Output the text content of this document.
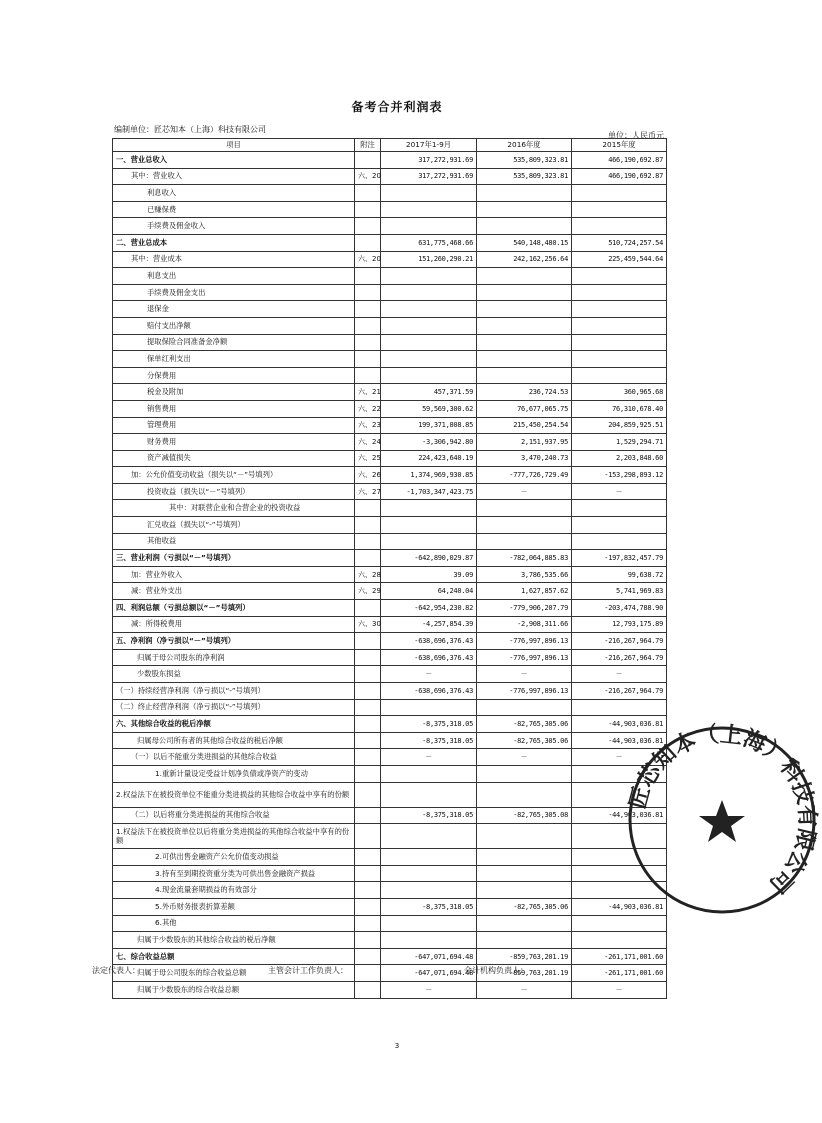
备考合并利润表
编制单位：匠芯知本（上海）科技有限公司
单位：人民币元
项目	附注	2017年1-9月	2016年度	2015年度
一、营业总收入		317,272,931.69	535,809,323.81	466,190,692.87
其中：营业收入	六、20	317,272,931.69	535,809,323.81	466,190,692.87
利息收入				
已赚保费				
手续费及佣金收入				
二、营业总成本		631,775,468.66	540,148,480.15	510,724,257.54
其中：营业成本	六、20	151,260,290.21	242,162,256.64	225,459,544.64
利息支出				
手续费及佣金支出				
退保金				
赔付支出净额				
提取保险合同准备金净额				
保单红利支出				
分保费用				
税金及附加	六、21	457,371.59	236,724.53	360,965.68
销售费用	六、22	59,569,300.62	76,677,065.75	76,310,678.40
管理费用	六、23	199,371,808.85	215,450,254.54	204,859,925.51
财务费用	六、24	-3,306,942.80	2,151,937.95	1,529,294.71
资产减值损失	六、25	224,423,640.19	3,470,240.73	2,203,848.60
加：公允价值变动收益（损失以“－”号填列）	六、26	1,374,969,930.85	-777,726,729.49	-153,298,893.12
投资收益（损失以“－”号填列）	六、27	-1,703,347,423.75	－	－
其中：对联营企业和合营企业的投资收益				
汇兑收益（损失以“-”号填列）				
其他收益				
三、营业利润（亏损以“－”号填列）		-642,890,029.87	-782,064,885.83	-197,832,457.79
加：营业外收入	六、28	39.09	3,786,535.66	99,638.72
减：营业外支出	六、29	64,240.04	1,627,857.62	5,741,969.83
四、利润总额（亏损总额以“－”号填列）		-642,954,230.82	-779,906,207.79	-203,474,788.90
减：所得税费用	六、30	-4,257,854.39	-2,908,311.66	12,793,175.89
五、净利润（净亏损以“－”号填列）		-638,696,376.43	-776,997,896.13	-216,267,964.79
归属于母公司股东的净利润		-638,696,376.43	-776,997,896.13	-216,267,964.79
少数股东损益		－	－	－
（一）持续经营净利润（净亏损以“-”号填列）		-638,696,376.43	-776,997,896.13	-216,267,964.79
（二）终止经营净利润（净亏损以“-”号填列）				
六、其他综合收益的税后净额		-8,375,318.05	-82,765,305.06	-44,903,036.81
归属母公司所有者的其他综合收益的税后净额		-8,375,318.05	-82,765,305.06	-44,903,036.81
（一）以后不能重分类进损益的其他综合收益		－	－	－
1.重新计量设定受益计划净负债或净资产的变动				
2.权益法下在被投资单位不能重分类进损益的其他综合收益中享有的份额				
（二）以后将重分类进损益的其他综合收益		-8,375,318.05	-82,765,305.08	-44,903,036.81
1.权益法下在被投资单位以后将重分类进损益的其他综合收益中享有的份额				
2.可供出售金融资产公允价值变动损益				
3.持有至到期投资重分类为可供出售金融资产损益				
4.现金流量套期损益的有效部分				
5.外币财务报表折算差额		-8,375,318.05	-82,765,305.06	-44,903,036.81
6.其他				
归属于少数股东的其他综合收益的税后净额				
七、综合收益总额		-647,071,694.48	-859,763,201.19	-261,171,001.60
归属于母公司股东的综合收益总额		-647,071,694.48	-859,763,201.19	-261,171,001.60
归属于少数股东的综合收益总额		－	－	－
法定代表人：	主管会计工作负责人：	会计机构负责人：
3
匠芯知本（上海）科技有限公司
